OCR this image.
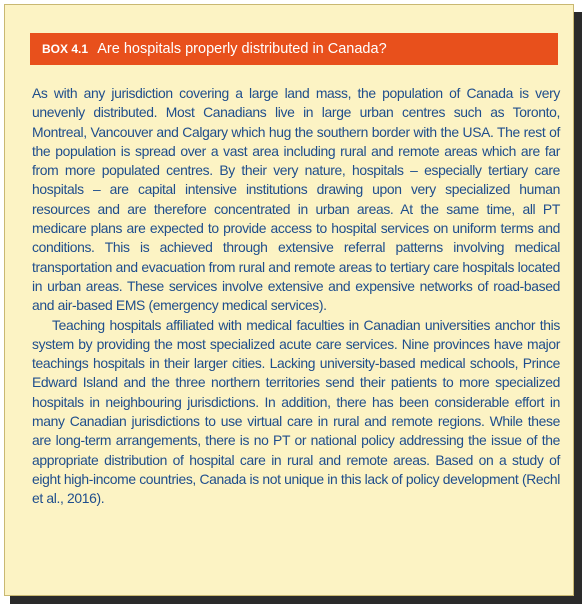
BOX 4.1 Are hospitals properly distributed in Canada?

As with any jurisdiction covering a large land mass, the population of Canada is very unevenly distributed. Most Canadians live in large urban centres such as Toronto, Montreal, Vancouver and Calgary which hug the southern border with the USA. The rest of the population is spread over a vast area including rural and remote areas which are far from more populated centres. By their very nature, hospitals – especially tertiary care hospitals – are capital intensive institutions drawing upon very specialized human resources and are therefore concentrated in urban areas. At the same time, all PT medicare plans are expected to provide access to hospital services on uniform terms and conditions. This is achieved through extensive referral patterns involving medical transportation and evacuation from rural and remote areas to tertiary care hospitals located in urban areas. These services involve extensive and expensive networks of road-based and air-based EMS (emergency medical services).

Teaching hospitals affiliated with medical faculties in Canadian universities anchor this system by providing the most specialized acute care services. Nine provinces have major teachings hospitals in their larger cities. Lacking university-based medical schools, Prince Edward Island and the three northern territories send their patients to more specialized hospitals in neighbouring jurisdictions. In addition, there has been considerable effort in many Canadian jurisdictions to use virtual care in rural and remote regions. While these are long-term arrangements, there is no PT or national policy addressing the issue of the appropriate distribution of hospital care in rural and remote areas. Based on a study of eight high-income countries, Canada is not unique in this lack of policy development (Rechl et al., 2016).
